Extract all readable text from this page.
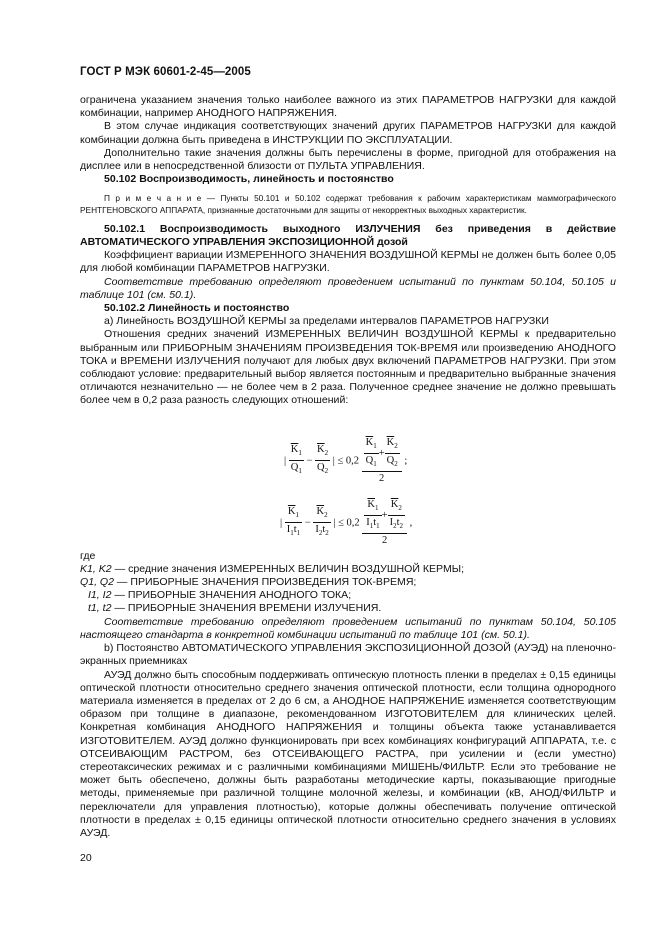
ГОСТ Р МЭК 60601-2-45—2005

ограничена указанием значения только наиболее важного из этих ПАРАМЕТРОВ НАГРУЗКИ для каждой комбинации, например АНОДНОГО НАПРЯЖЕНИЯ.

В этом случае индикация соответствующих значений других ПАРАМЕТРОВ НАГРУЗКИ для каждой комбинации должна быть приведена в ИНСТРУКЦИИ ПО ЭКСПЛУАТАЦИИ.

Дополнительно такие значения должны быть перечислены в форме, пригодной для отображения на дисплее или в непосредственной близости от ПУЛЬТА УПРАВЛЕНИЯ.

50.102 Воспроизводимость, линейность и постоянство

П р и м е ч а н и е — Пункты 50.101 и 50.102 содержат требования к рабочим характеристикам маммографического РЕНТГЕНОВСКОГО АППАРАТА, признанные достаточными для защиты от некорректных выходных характеристик.

50.102.1 Воспроизводимость выходного ИЗЛУЧЕНИЯ без приведения в действие АВТОМАТИЧЕСКОГО УПРАВЛЕНИЯ ЭКСПОЗИЦИОННОЙ дозой

Коэффициент вариации ИЗМЕРЕННОГО ЗНАЧЕНИЯ ВОЗДУШНОЙ КЕРМЫ не должен быть более 0,05 для любой комбинации ПАРАМЕТРОВ НАГРУЗКИ.

Соответствие требованию определяют проведением испытаний по пунктам 50.104, 50.105 и таблице 101 (см. 50.1).

50.102.2 Линейность и постоянство

а) Линейность ВОЗДУШНОЙ КЕРМЫ за пределами интервалов ПАРАМЕТРОВ НАГРУЗКИ

Отношения средних значений ИЗМЕРЕННЫХ ВЕЛИЧИН ВОЗДУШНОЙ КЕРМЫ к предварительно выбранным или ПРИБОРНЫМ ЗНАЧЕНИЯМ ПРОИЗВЕДЕНИЯ ТОК-ВРЕМЯ или произведению АНОДНОГО ТОКА и ВРЕМЕНИ ИЗЛУЧЕНИЯ получают для любых двух включений ПАРАМЕТРОВ НАГРУЗКИ. При этом соблюдают условие: предварительный выбор является постоянным и предварительно выбранные значения отличаются незначительно — не более чем в 2 раза. Полученное среднее значение не должно превышать более чем в 0,2 раза разность следующих отношений:

| $\frac{\overline{K}_1}{Q_1} - \frac{\overline{K}_2}{Q_2}$ | ≤ $0,2 \frac{\frac{\overline{K}_1}{Q_1} + \frac{\overline{K}_2}{Q_2}}{2}$ ;
| $\frac{\overline{K}_1}{I_1t_1} - \frac{\overline{K}_2}{I_2t_2}$ | ≤ $0,2 \frac{\frac{\overline{K}_1}{I_1t_1} + \frac{\overline{K}_2}{I_2t_2}}{2}$ ,

где

K1, K2 — средние значения ИЗМЕРЕННЫХ ВЕЛИЧИН ВОЗДУШНОЙ КЕРМЫ;

Q1, Q2 — ПРИБОРНЫЕ ЗНАЧЕНИЯ ПРОИЗВЕДЕНИЯ ТОК-ВРЕМЯ;

I1, I2 — ПРИБОРНЫЕ ЗНАЧЕНИЯ АНОДНОГО ТОКА;

t1, t2 — ПРИБОРНЫЕ ЗНАЧЕНИЯ ВРЕМЕНИ ИЗЛУЧЕНИЯ.

Соответствие требованию определяют проведением испытаний по пунктам 50.104, 50.105 настоящего стандарта в конкретной комбинации испытаний по таблице 101 (см. 50.1).

b) Постоянство АВТОМАТИЧЕСКОГО УПРАВЛЕНИЯ ЭКСПОЗИЦИОННОЙ ДОЗОЙ (АУЭД) на пленочно-экранных приемниках

АУЭД должно быть способным поддерживать оптическую плотность пленки в пределах ± 0,15 единицы оптической плотности относительно среднего значения оптической плотности, если толщина однородного материала изменяется в пределах от 2 до 6 см, а АНОДНОЕ НАПРЯЖЕНИЕ изменяется соответствующим образом при толщине в диапазоне, рекомендованном ИЗГОТОВИТЕЛЕМ для клинических целей. Конкретная комбинация АНОДНОГО НАПРЯЖЕНИЯ и толщины объекта также устанавливается ИЗГОТОВИТЕЛЕМ. АУЭД должно функционировать при всех комбинациях конфигураций АППАРАТА, т.е. с ОТСЕИВАЮЩИМ РАСТРОМ, без ОТСЕИВАЮЩЕГО РАСТРА, при усилении и (если уместно) стереотаксических режимах и с различными комбинациями МИШЕНЬ/ФИЛЬТР. Если это требование не может быть обеспечено, должны быть разработаны методические карты, показывающие пригодные методы, применяемые при различной толщине молочной железы, и комбинации (кВ, АНОД/ФИЛЬТР и переключатели для управления плотностью), которые должны обеспечивать получение оптической плотности в пределах ± 0,15 единицы оптической плотности относительно среднего значения в условиях АУЭД.

20
